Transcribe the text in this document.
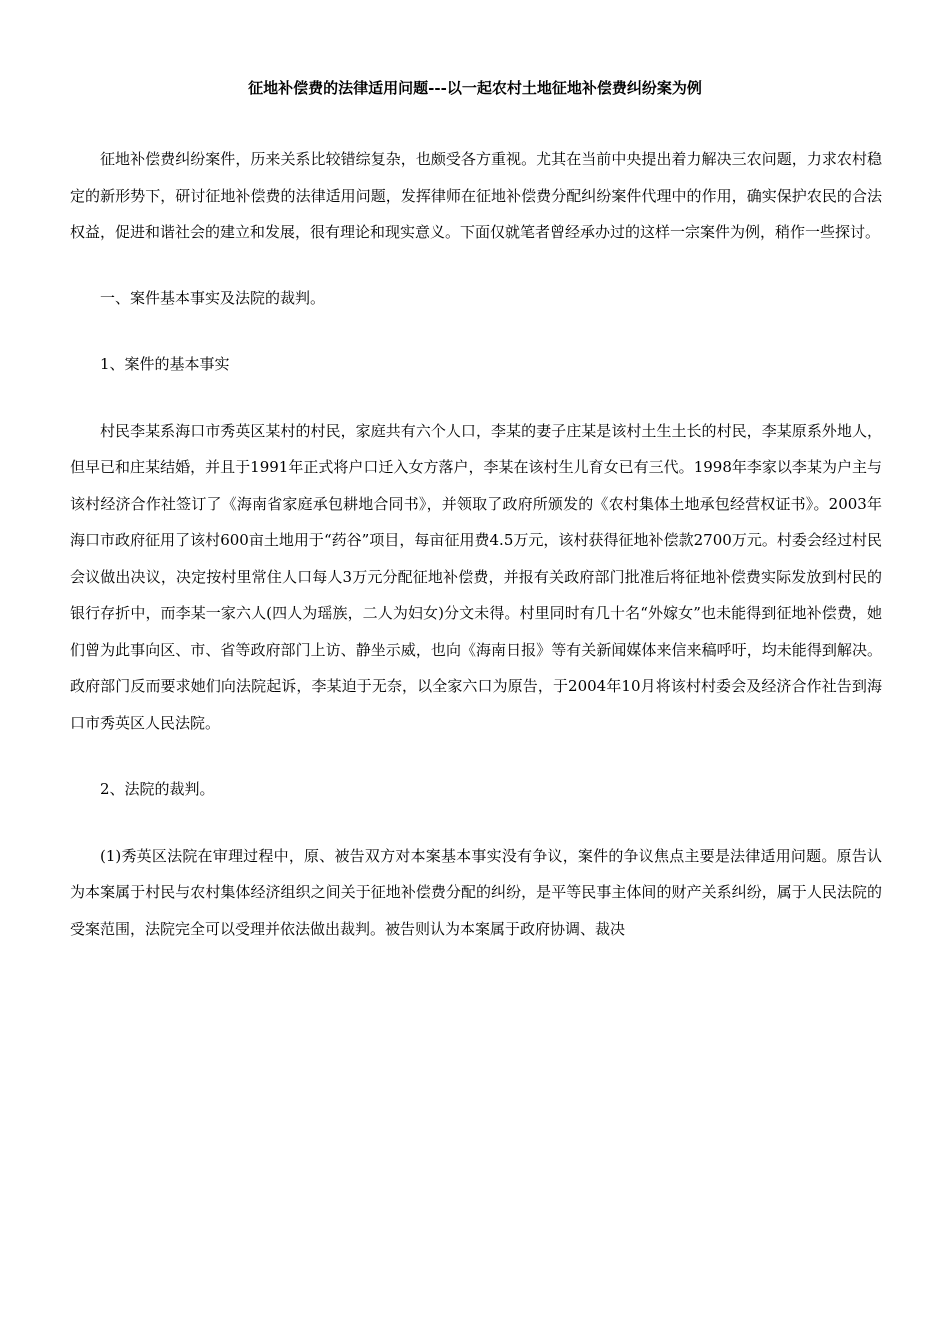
征地补偿费的法律适用问题---以一起农村土地征地补偿费纠纷案为例

征地补偿费纠纷案件，历来关系比较错综复杂，也颇受各方重视。尤其在当前中央提出着力解决三农问题，力求农村稳定的新形势下，研讨征地补偿费的法律适用问题，发挥律师在征地补偿费分配纠纷案件代理中的作用，确实保护农民的合法权益，促进和谐社会的建立和发展，很有理论和现实意义。下面仅就笔者曾经承办过的这样一宗案件为例，稍作一些探讨。

一、案件基本事实及法院的裁判。

1、案件的基本事实

村民李某系海口市秀英区某村的村民，家庭共有六个人口，李某的妻子庄某是该村土生土长的村民，李某原系外地人，但早已和庄某结婚，并且于1991年正式将户口迁入女方落户，李某在该村生儿育女已有三代。1998年李家以李某为户主与该村经济合作社签订了《海南省家庭承包耕地合同书》，并领取了政府所颁发的《农村集体土地承包经营权证书》。2003年海口市政府征用了该村600亩土地用于“药谷”项目，每亩征用费4.5万元，该村获得征地补偿款2700万元。村委会经过村民会议做出决议，决定按村里常住人口每人3万元分配征地补偿费，并报有关政府部门批准后将征地补偿费实际发放到村民的银行存折中，而李某一家六人(四人为瑶族，二人为妇女)分文未得。村里同时有几十名“外嫁女”也未能得到征地补偿费，她们曾为此事向区、市、省等政府部门上访、静坐示威，也向《海南日报》等有关新闻媒体来信来稿呼吁，均未能得到解决。政府部门反而要求她们向法院起诉，李某迫于无奈，以全家六口为原告，于2004年10月将该村村委会及经济合作社告到海口市秀英区人民法院。

2、法院的裁判。

(1)秀英区法院在审理过程中，原、被告双方对本案基本事实没有争议，案件的争议焦点主要是法律适用问题。原告认为本案属于村民与农村集体经济组织之间关于征地补偿费分配的纠纷，是平等民事主体间的财产关系纠纷，属于人民法院的受案范围，法院完全可以受理并依法做出裁判。被告则认为本案属于政府协调、裁决
